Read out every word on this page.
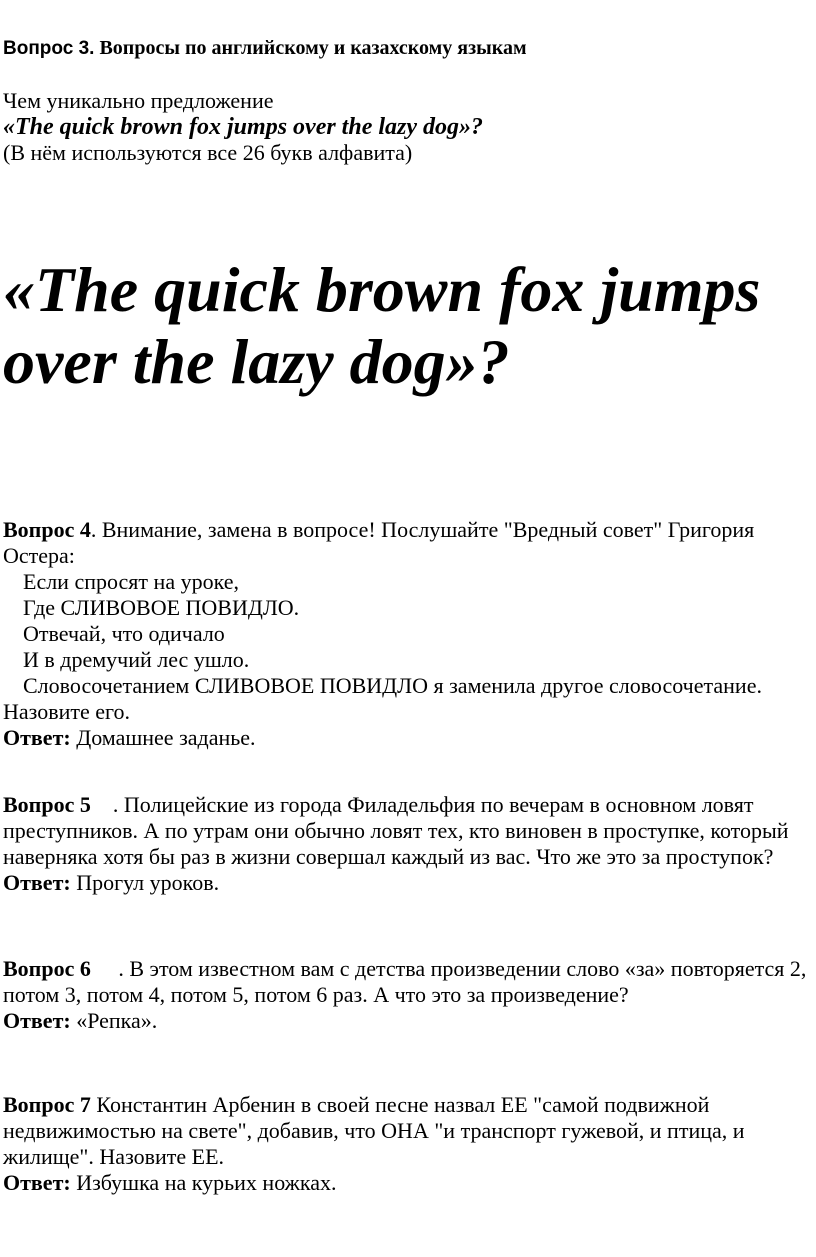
Вопрос 3. Вопросы по английскому и казахскому языкам
Чем уникально предложение
«The quick brown fox jumps over the lazy dog»?
(В нём используются все 26 букв алфавита)
«The quick brown fox jumps
over the lazy dog»?

Вопрос 4. Внимание, замена в вопросе! Послушайте "Вредный совет" Григория Остера:

Если спросят на уроке,

Где СЛИВОВОЕ ПОВИДЛО.

Отвечай, что одичало

И в дремучий лес ушло.

Словосочетанием СЛИВОВОЕ ПОВИДЛО я заменила другое словосочетание. Назовите его.

Ответ: Домашнее заданье.

Вопрос 5    . Полицейские из города Филадельфия по вечерам в основном ловят преступников. А по утрам они обычно ловят тех, кто виновен в проступке, который наверняка хотя бы раз в жизни совершал каждый из вас. Что же это за проступок?

Ответ: Прогул уроков.

Вопрос 6     . В этом известном вам с детства произведении слово «за» повторяется 2, потом 3, потом 4, потом 5, потом 6 раз. А что это за произведение?

Ответ: «Репка».

Вопрос 7 Константин Арбенин в своей песне назвал ЕЕ "самой подвижной недвижимостью на свете", добавив, что ОНА "и транспорт гужевой, и птица, и жилище". Назовите ЕЕ.

Ответ: Избушка на курьих ножках.
